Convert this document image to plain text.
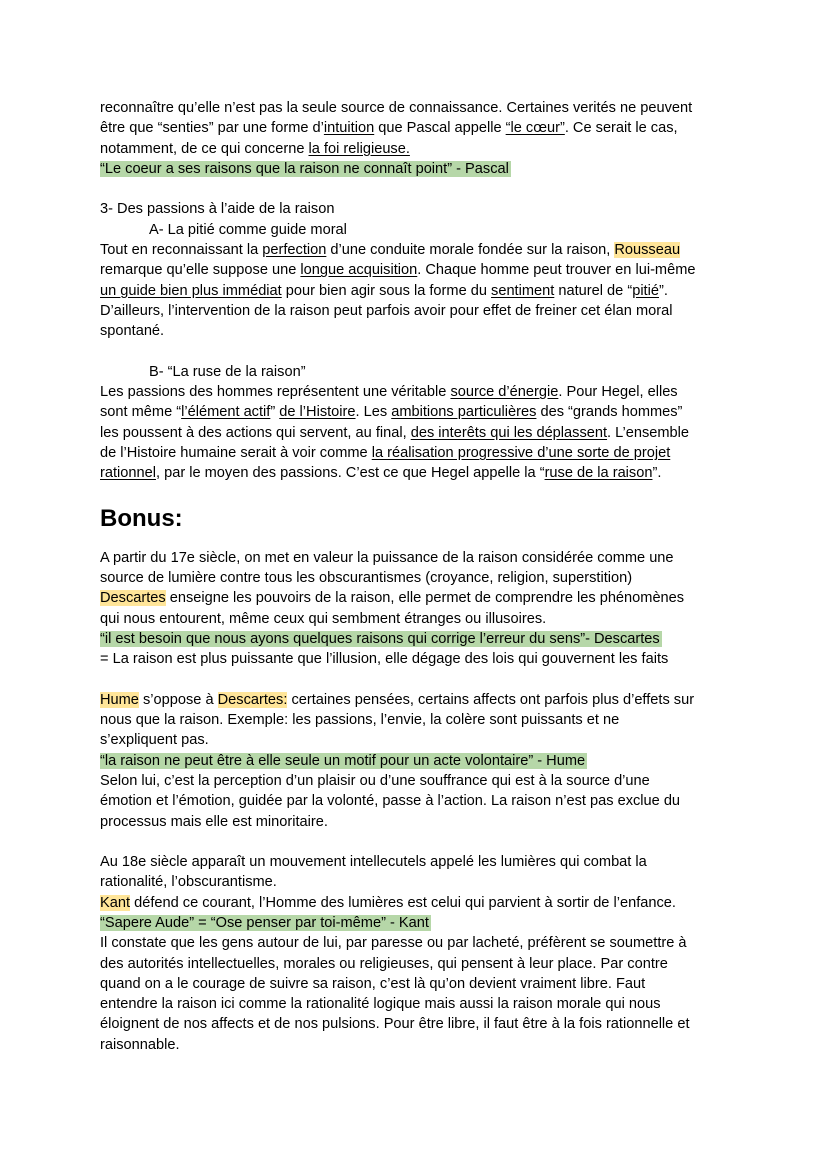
reconnaître qu’elle n’est pas la seule source de connaissance. Certaines verités ne peuvent

être que “senties” par une forme d’intuition que Pascal appelle “le cœur”. Ce serait le cas,

notamment, de ce qui concerne la foi religieuse.

“Le coeur a ses raisons que la raison ne connaît point” - Pascal

3- Des passions à l’aide de la raison

A- La pitié comme guide moral

Tout en reconnaissant la perfection d’une conduite morale fondée sur la raison, Rousseau

remarque qu’elle suppose une longue acquisition. Chaque homme peut trouver en lui-même

un guide bien plus immédiat pour bien agir sous la forme du sentiment naturel de “pitié”.

D’ailleurs, l’intervention de la raison peut parfois avoir pour effet de freiner cet élan moral

spontané.

B- “La ruse de la raison”

Les passions des hommes représentent une véritable source d’énergie. Pour Hegel, elles

sont même “l’élément actif” de l’Histoire. Les ambitions particulières des “grands hommes”

les poussent à des actions qui servent, au final, des interêts qui les déplassent. L’ensemble

de l’Histoire humaine serait à voir comme la réalisation progressive d’une sorte de projet

rationnel, par le moyen des passions. C’est ce que Hegel appelle la “ruse de la raison”.

Bonus:

A partir du 17e siècle, on met en valeur la puissance de la raison considérée comme une

source de lumière contre tous les obscurantismes (croyance, religion, superstition)

Descartes enseigne les pouvoirs de la raison, elle permet de comprendre les phénomènes

qui nous entourent, même ceux qui sembment étranges ou illusoires.

“il est besoin que nous ayons quelques raisons qui corrige l’erreur du sens”- Descartes

= La raison est plus puissante que l’illusion, elle dégage des lois qui gouvernent les faits

Hume s’oppose à Descartes: certaines pensées, certains affects ont parfois plus d’effets sur

nous que la raison. Exemple: les passions, l’envie, la colère sont puissants et ne

s’expliquent pas.

“la raison ne peut être à elle seule un motif pour un acte volontaire” - Hume

Selon lui, c’est la perception d’un plaisir ou d’une souffrance qui est à la source d’une

émotion et l’émotion, guidée par la volonté, passe à l’action. La raison n’est pas exclue du

processus mais elle est minoritaire.

Au 18e siècle apparaît un mouvement intellecutels appelé les lumières qui combat la

rationalité, l’obscurantisme.

Kant défend ce courant, l’Homme des lumières est celui qui parvient à sortir de l’enfance.

“Sapere Aude” = “Ose penser par toi-même” - Kant

Il constate que les gens autour de lui, par paresse ou par lacheté, préfèrent se soumettre à

des autorités intellectuelles, morales ou religieuses, qui pensent à leur place. Par contre

quand on a le courage de suivre sa raison, c’est là qu’on devient vraiment libre. Faut

entendre la raison ici comme la rationalité logique mais aussi la raison morale qui nous

éloignent de nos affects et de nos pulsions. Pour être libre, il faut être à la fois rationnelle et

raisonnable.
